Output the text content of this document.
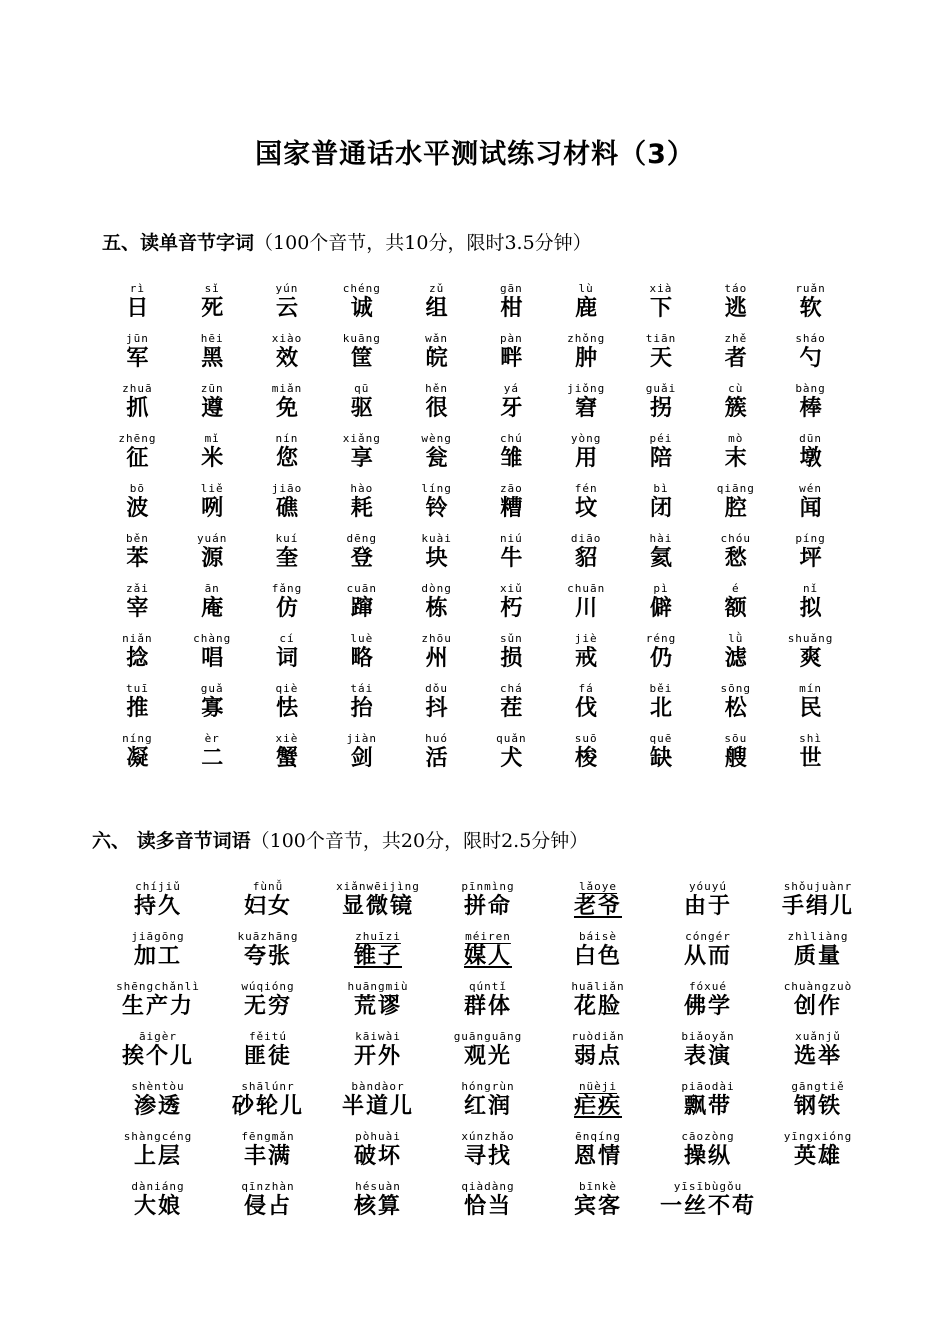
国家普通话水平测试练习材料（3）
五、读单音节字词（100个音节，共10分，限时3.5分钟）
rì
日
sǐ
死
yún
云
chéng
诚
zǔ
组
gān
柑
lù
鹿
xià
下
táo
逃
ruǎn
软
jūn
军
hēi
黑
xiào
效
kuāng
筐
wǎn
皖
pàn
畔
zhǒng
肿
tiān
天
zhě
者
sháo
勺
zhuā
抓
zūn
遵
miǎn
免
qū
驱
hěn
很
yá
牙
jiǒng
窘
guǎi
拐
cù
簇
bàng
棒
zhēng
征
mǐ
米
nín
您
xiǎng
享
wèng
瓮
chú
雏
yòng
用
péi
陪
mò
末
dūn
墩
bō
波
liě
咧
jiāo
礁
hào
耗
líng
铃
zāo
糟
fén
坟
bì
闭
qiāng
腔
wén
闻
běn
苯
yuán
源
kuí
奎
dēng
登
kuài
块
niú
牛
diāo
貂
hài
氦
chóu
愁
píng
坪
zǎi
宰
ān
庵
fǎng
仿
cuān
蹿
dòng
栋
xiǔ
朽
chuān
川
pì
僻
é
额
nǐ
拟
niǎn
捻
chàng
唱
cí
词
luè
略
zhōu
州
sǔn
损
jiè
戒
réng
仍
lǜ
滤
shuǎng
爽
tuī
推
guǎ
寡
qiè
怯
tái
抬
dǒu
抖
chá
茬
fá
伐
běi
北
sōng
松
mín
民
níng
凝
èr
二
xiè
蟹
jiàn
剑
huó
活
quǎn
犬
suō
梭
quē
缺
sōu
艘
shì
世
六、 读多音节词语（100个音节，共20分，限时2.5分钟）
chíjiǔ
持久
fùnǚ
妇女
xiǎnwēijìng
显微镜
pīnmìng
拼命
lǎoye
老爷
yóuyú
由于
shǒujuànr
手绢儿
jiāgōng
加工
kuāzhāng
夸张
zhuīzi
锥子
méiren
媒人
báisè
白色
cóngér
从而
zhìliàng
质量
shēngchǎnlì
生产力
wúqióng
无穷
huāngmiù
荒谬
qúntǐ
群体
huāliǎn
花脸
fóxué
佛学
chuàngzuò
创作
āigèr
挨个儿
fěitú
匪徒
kāiwài
开外
guānguāng
观光
ruòdiǎn
弱点
biǎoyǎn
表演
xuǎnjǔ
选举
shèntòu
渗透
shālúnr
砂轮儿
bàndàor
半道儿
hóngrùn
红润
nüèji
疟疾
piāodài
飘带
gāngtiě
钢铁
shàngcéng
上层
fēngmǎn
丰满
pòhuài
破坏
xúnzhǎo
寻找
ēnqíng
恩情
cāozòng
操纵
yīngxióng
英雄
dàniáng
大娘
qīnzhàn
侵占
hésuàn
核算
qiàdàng
恰当
bīnkè
宾客
yīsībùgǒu
一丝不苟
